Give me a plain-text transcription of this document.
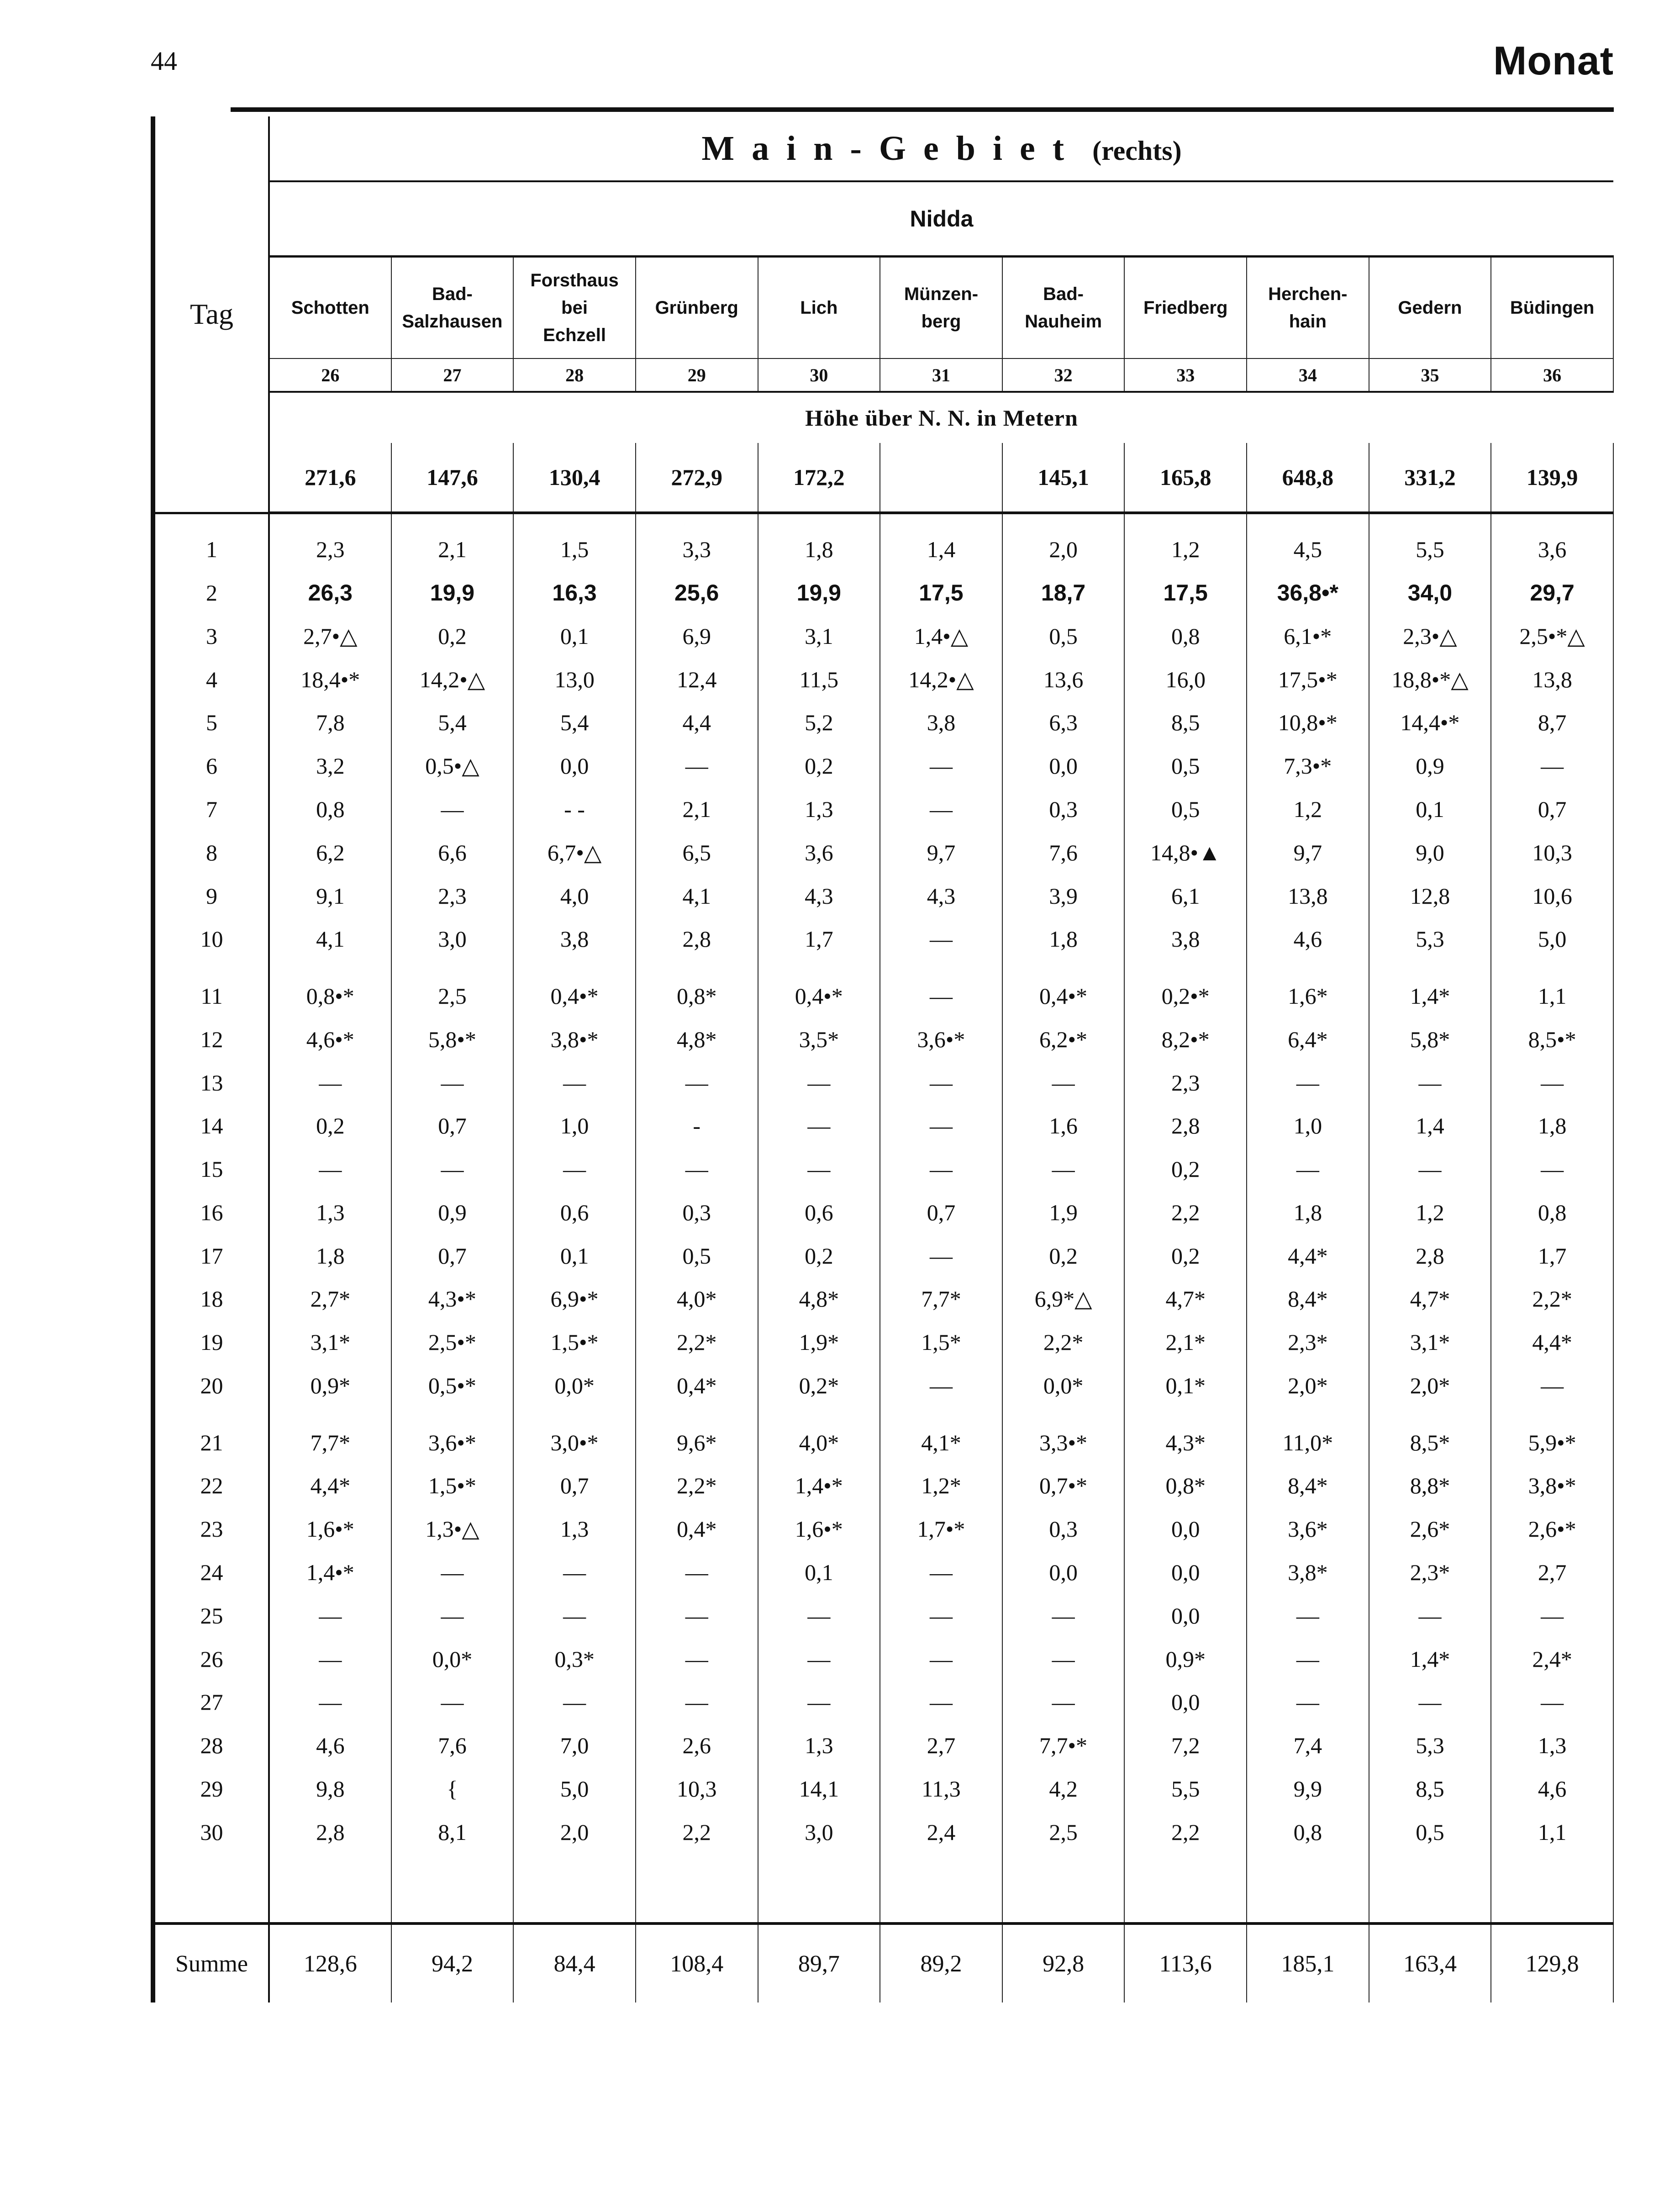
44	Monat
Tag	Main-Gebiet (rechts)										
	Nidda										
	Schotten	Bad-
Salzhausen	Forsthaus
bei
Echzell	Grünberg	Lich	Münzen-
berg	Bad-
Nauheim	Friedberg	Herchen-
hain	Gedern	Büdingen
	26	27	28	29	30	31	32	33	34	35	36
	Höhe über N. N. in Metern										
	271,6	147,6	130,4	272,9	172,2		145,1	165,8	648,8	331,2	139,9

1	2,3	2,1	1,5	3,3	1,8	1,4	2,0	1,2	4,5	5,5	3,6
2	26,3	19,9	16,3	25,6	19,9	17,5	18,7	17,5	36,8•*	34,0	29,7
3	2,7•△	0,2	0,1	6,9	3,1	1,4•△	0,5	0,8	6,1•*	2,3•△	2,5•*△
4	18,4•*	14,2•△	13,0	12,4	11,5	14,2•△	13,6	16,0	17,5•*	18,8•*△	13,8
5	7,8	5,4	5,4	4,4	5,2	3,8	6,3	8,5	10,8•*	14,4•*	8,7
6	3,2	0,5•△	0,0	—	0,2	—	0,0	0,5	7,3•*	0,9	—
7	0,8	—	- -	2,1	1,3	—	0,3	0,5	1,2	0,1	0,7
8	6,2	6,6	6,7•△	6,5	3,6	9,7	7,6	14,8•▲	9,7	9,0	10,3
9	9,1	2,3	4,0	4,1	4,3	4,3	3,9	6,1	13,8	12,8	10,6
10	4,1	3,0	3,8	2,8	1,7	—	1,8	3,8	4,6	5,3	5,0

11	0,8•*	2,5	0,4•*	0,8*	0,4•*	—	0,4•*	0,2•*	1,6*	1,4*	1,1
12	4,6•*	5,8•*	3,8•*	4,8*	3,5*	3,6•*	6,2•*	8,2•*	6,4*	5,8*	8,5•*
13	—	—	—	—	—	—	—	2,3	—	—	—
14	0,2	0,7	1,0	-	—	—	1,6	2,8	1,0	1,4	1,8
15	—	—	—	—	—	—	—	0,2	—	—	—
16	1,3	0,9	0,6	0,3	0,6	0,7	1,9	2,2	1,8	1,2	0,8
17	1,8	0,7	0,1	0,5	0,2	—	0,2	0,2	4,4*	2,8	1,7
18	2,7*	4,3•*	6,9•*	4,0*	4,8*	7,7*	6,9*△	4,7*	8,4*	4,7*	2,2*
19	3,1*	2,5•*	1,5•*	2,2*	1,9*	1,5*	2,2*	2,1*	2,3*	3,1*	4,4*
20	0,9*	0,5•*	0,0*	0,4*	0,2*	—	0,0*	0,1*	2,0*	2,0*	—

21	7,7*	3,6•*	3,0•*	9,6*	4,0*	4,1*	3,3•*	4,3*	11,0*	8,5*	5,9•*
22	4,4*	1,5•*	0,7	2,2*	1,4•*	1,2*	0,7•*	0,8*	8,4*	8,8*	3,8•*
23	1,6•*	1,3•△	1,3	0,4*	1,6•*	1,7•*	0,3	0,0	3,6*	2,6*	2,6•*
24	1,4•*	—	—	—	0,1	—	0,0	0,0	3,8*	2,3*	2,7
25	—	—	—	—	—	—	—	0,0	—	—	—
26	—	0,0*	0,3*	—	—	—	—	0,9*	—	1,4*	2,4*
27	—	—	—	—	—	—	—	0,0	—	—	—
28	4,6	7,6	7,0	2,6	1,3	2,7	7,7•*	7,2	7,4	5,3	1,3
29	9,8	{	5,0	10,3	14,1	11,3	4,2	5,5	9,9	8,5	4,6
30	2,8	8,1	2,0	2,2	3,0	2,4	2,5	2,2	0,8	0,5	1,1

Summe	128,6	94,2	84,4	108,4	89,7	89,2	92,8	113,6	185,1	163,4	129,8
